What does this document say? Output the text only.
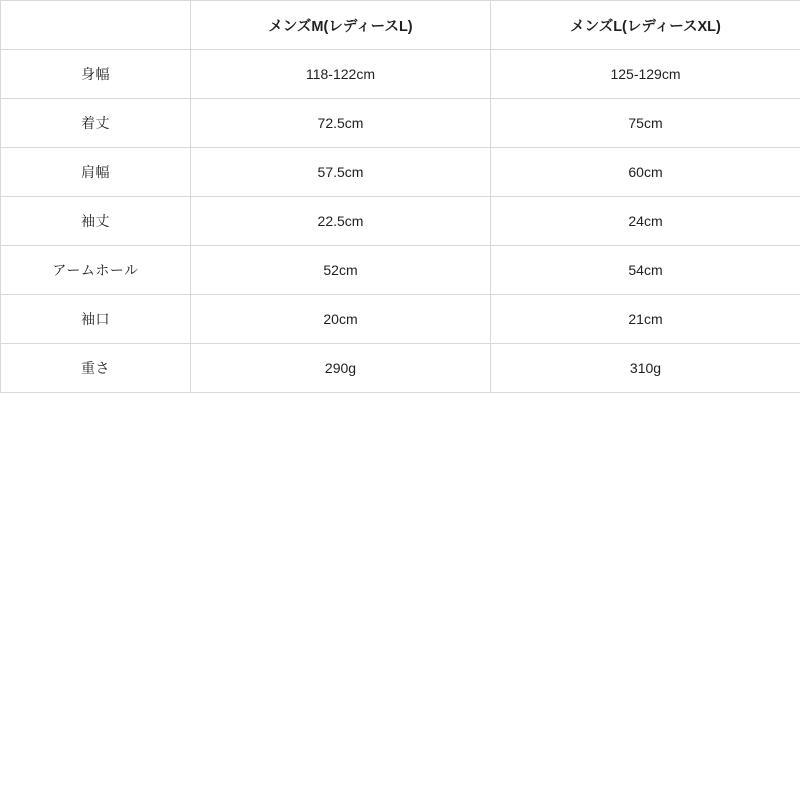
	メンズM(レディースL)	メンズL(レディースXL)
身幅	118-122cm	125-129cm
着丈	72.5cm	75cm
肩幅	57.5cm	60cm
袖丈	22.5cm	24cm
アームホール	52cm	54cm
袖口	20cm	21cm
重さ	290g	310g
